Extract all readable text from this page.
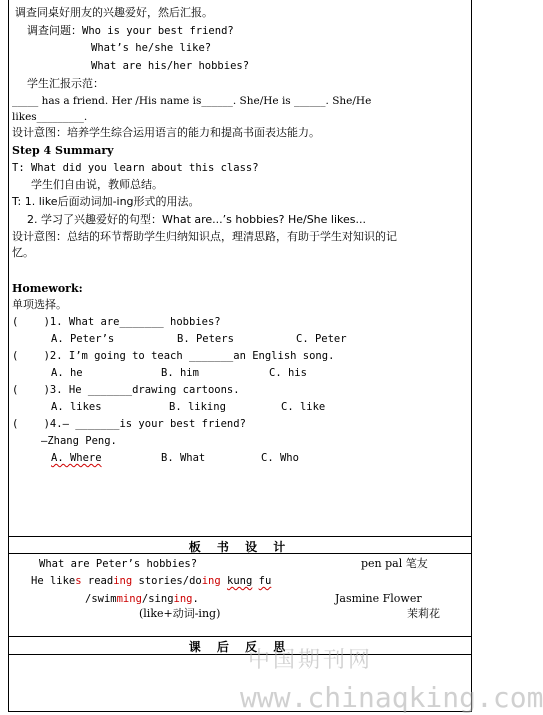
调查同桌好朋友的兴趣爱好，然后汇报。
调查问题：Who is your best friend?
What’s he/she like?
What are his/her hobbies?
学生汇报示范：
_____ has a friend. Her /His name is______. She/He is ______. She/He
likes_________.
设计意图：培养学生综合运用语言的能力和提高书面表达能力。
Step 4 Summary
T: What did you learn about this class?
学生们自由说，教师总结。
T: 1. like后面动词加-ing形式的用法。
2. 学习了兴趣爱好的句型：What are...’s hobbies? He/She likes...
设计意图：总结的环节帮助学生归纳知识点，理清思路，有助于学生对知识的记
忆。
Homework:
单项选择。
(    )1. What are_______ hobbies?
A. Peter’s	B. Peters	C. Peter
(    )2. I’m going to teach _______an English song.
A. he	B. him	C. his
(    )3. He _______drawing cartoons.
A. likes	B. liking	C. like
(    )4.— _______is your best friend?
—Zhang Peng.
A. Where	B. What	C. Who
板 书 设 计
What are Peter’s hobbies?	pen pal 笔友
He likes reading stories/doing kung fu
/swimming/singing.	Jasmine Flower
(like+动词-ing)	茉莉花
课 后 反 思
中国期刊网
www.chinaqking.com
